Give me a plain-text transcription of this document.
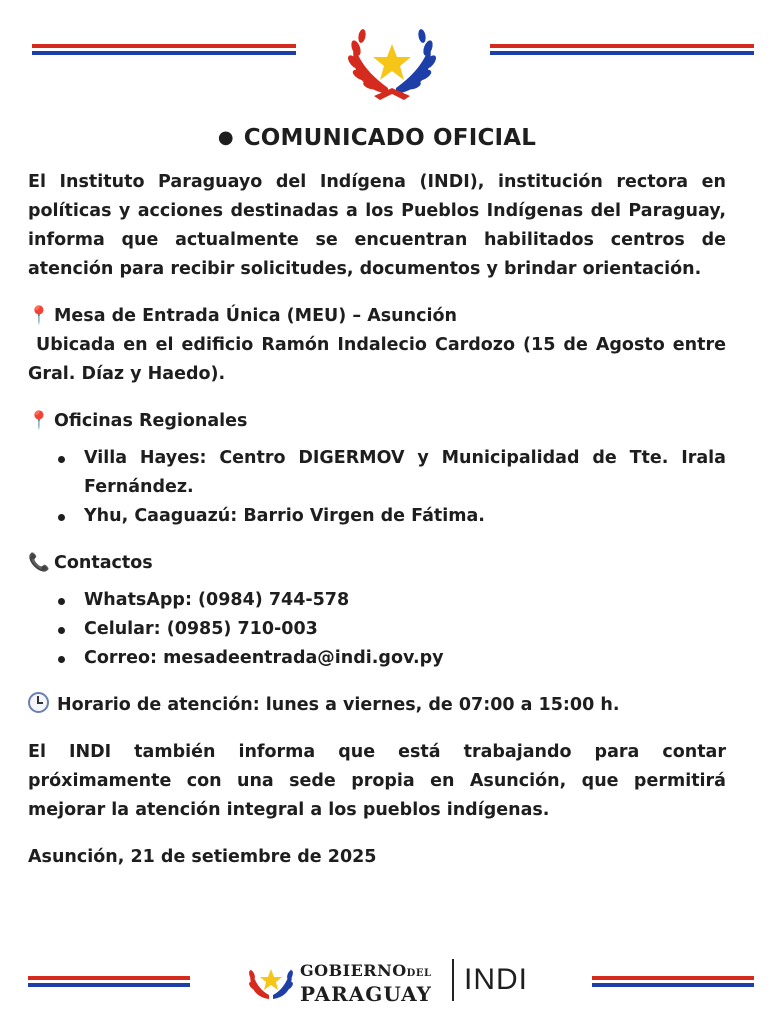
● COMUNICADO OFICIAL

El Instituto Paraguayo del Indígena (INDI), institución rectora en políticas y acciones destinadas a los Pueblos Indígenas del Paraguay, informa que actualmente se encuentran habilitados centros de atención para recibir solicitudes, documentos y brindar orientación.

📍 Mesa de Entrada Única (MEU) – Asunción

Ubicada en el edificio Ramón Indalecio Cardozo (15 de Agosto entre Gral. Díaz y Haedo).

📍 Oficinas Regionales

Villa Hayes: Centro DIGERMOV y Municipalidad de Tte. Irala Fernández.
Yhu, Caaguazú: Barrio Virgen de Fátima.

📞 Contactos

WhatsApp: (0984) 744-578
Celular: (0985) 710-003
Correo: mesadeentrada@indi.gov.py

Horario de atención: lunes a viernes, de 07:00 a 15:00 h.

El INDI también informa que está trabajando para contar próximamente con una sede propia en Asunción, que permitirá mejorar la atención integral a los pueblos indígenas.

Asunción, 21 de setiembre de 2025

GOBIERNODEL
PARAGUAY INDI
